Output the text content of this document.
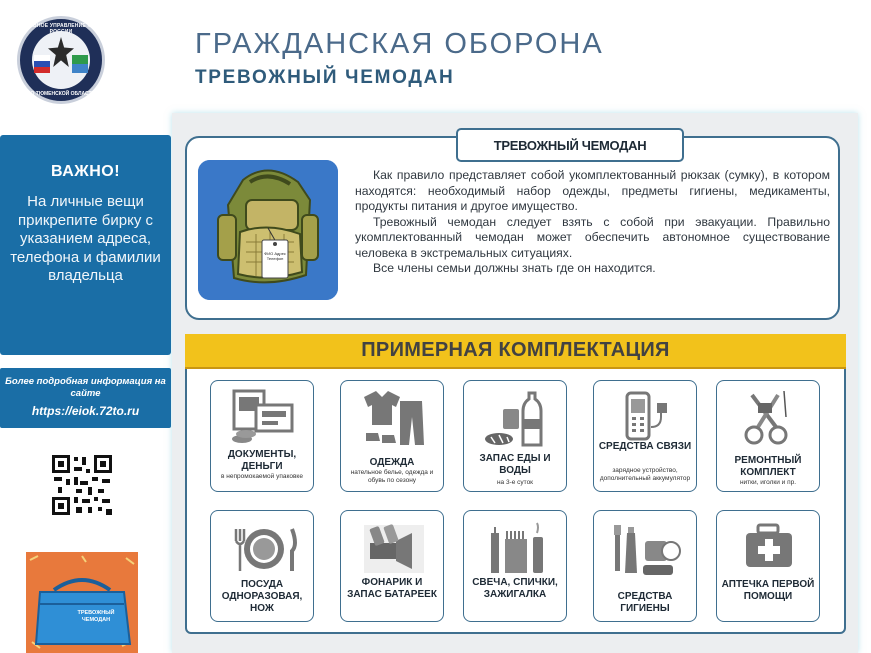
ГЛАВНОЕ УПРАВЛЕНИЕ МЧС
ПО ТЮМЕНСКОЙ ОБЛАСТИ
ГРАЖДАНСКАЯ ОБОРОНА
ТРЕВОЖНЫЙ ЧЕМОДАН
ТРЕВОЖНЫЙ ЧЕМОДАН
ФИО Адрес Телефон

Как правило представляет собой укомплектованный рюкзак (сумку), в котором находятся: необходимый набор одежды, предметы гигиены, медикаменты, продукты питания и другое имущество.

Тревожный чемодан следует взять с собой при эвакуации. Правильно укомплектованный чемодан может обеспечить автономное существование человека в экстремальных ситуациях.

Все члены семьи должны знать где он находится.

ПРИМЕРНАЯ КОМПЛЕКТАЦИЯ
ДОКУМЕНТЫ, ДЕНЬГИ
в непромокаемой упаковке
ОДЕЖДА
нательное белье, одежда и обувь по сезону
ЗАПАС ЕДЫ И ВОДЫ
на 3-е суток
СРЕДСТВА СВЯЗИ
зарядное устройство, дополнительный аккумулятор
РЕМОНТНЫЙ КОМПЛЕКТ
нитки, иголки и пр.
ПОСУДА ОДНОРАЗОВАЯ, НОЖ
ФОНАРИК И ЗАПАС БАТАРЕЕК
СВЕЧА, СПИЧКИ, ЗАЖИГАЛКА	СРЕДСТВА ГИГИЕНЫ
АПТЕЧКА ПЕРВОЙ ПОМОЩИ
ВАЖНО!
На личные вещи прикрепите бирку с указанием адреса, телефона и фамилии владельца
Более подробная информация на сайте
https://eiok.72to.ru
ТРЕВОЖНЫЙ ЧЕМОДАН
